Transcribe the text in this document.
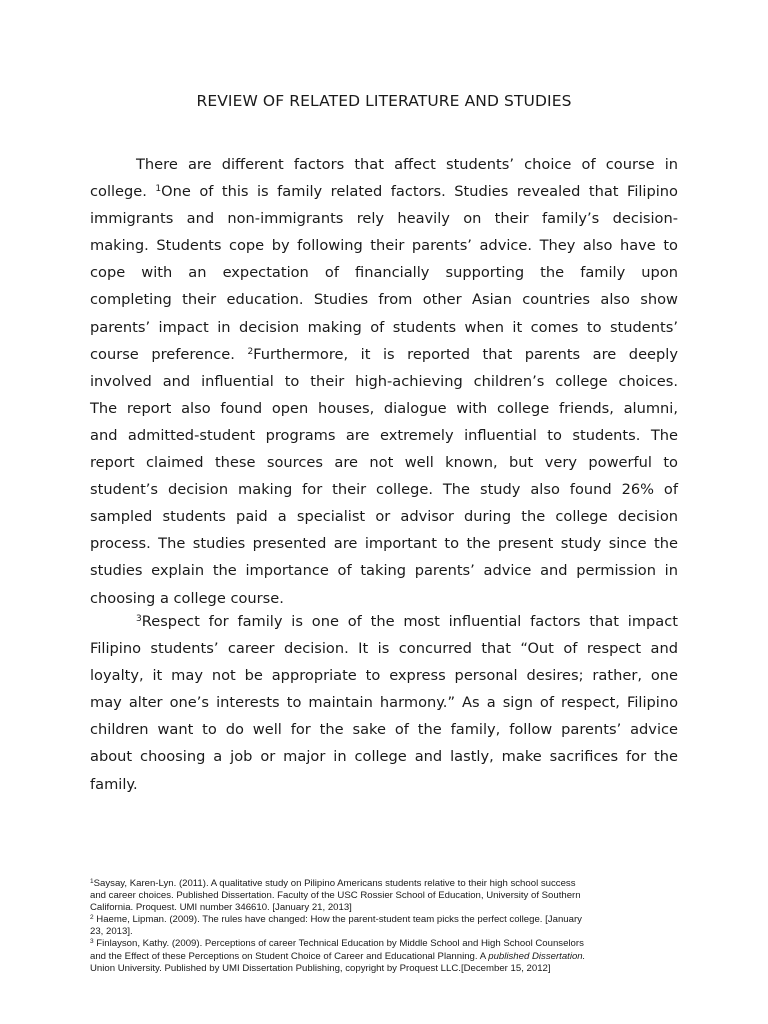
REVIEW OF RELATED LITERATURE AND STUDIES
There are different factors that affect students’ choice of course in
college. $^1$One of this is family related factors. Studies revealed that Filipino
immigrants and non-immigrants rely heavily on their family’s decision-
making. Students cope by following their parents’ advice. They also have to
cope with an expectation of financially supporting the family upon
completing their education. Studies from other Asian countries also show
parents’ impact in decision making of students when it comes to students’
course preference. $^2$Furthermore, it is reported that parents are deeply
involved and influential to their high-achieving children’s college choices.
The report also found open houses, dialogue with college friends, alumni,
and admitted-student programs are extremely influential to students. The
report claimed these sources are not well known, but very powerful to
student’s decision making for their college. The study also found 26% of
sampled students paid a specialist or advisor during the college decision
process. The studies presented are important to the present study since the
studies explain the importance of taking parents’ advice and permission in
choosing a college course.
$^3$Respect for family is one of the most influential factors that impact
Filipino students’ career decision. It is concurred that “Out of respect and
loyalty, it may not be appropriate to express personal desires; rather, one
may alter one’s interests to maintain harmony.” As a sign of respect, Filipino
children want to do well for the sake of the family, follow parents’ advice
about choosing a job or major in college and lastly, make sacrifices for the
family.
$^1$Saysay, Karen-Lyn. (2011). A qualitative study on Pilipino Americans students relative to their high school success
and career choices. Published Dissertation. Faculty of the USC Rossier School of Education, University of Southern
California. Proquest. UMI number 346610. [January 21, 2013]
$^2$ Haeme, Lipman. (2009). The rules have changed: How the parent-student team picks the perfect college. [January
23, 2013].
$^3$ Finlayson, Kathy. (2009). Perceptions of career Technical Education by Middle School and High School Counselors
and the Effect of these Perceptions on Student Choice of Career and Educational Planning. A published Dissertation.
Union University. Published by UMI Dissertation Publishing, copyright by Proquest LLC.[December 15, 2012]
